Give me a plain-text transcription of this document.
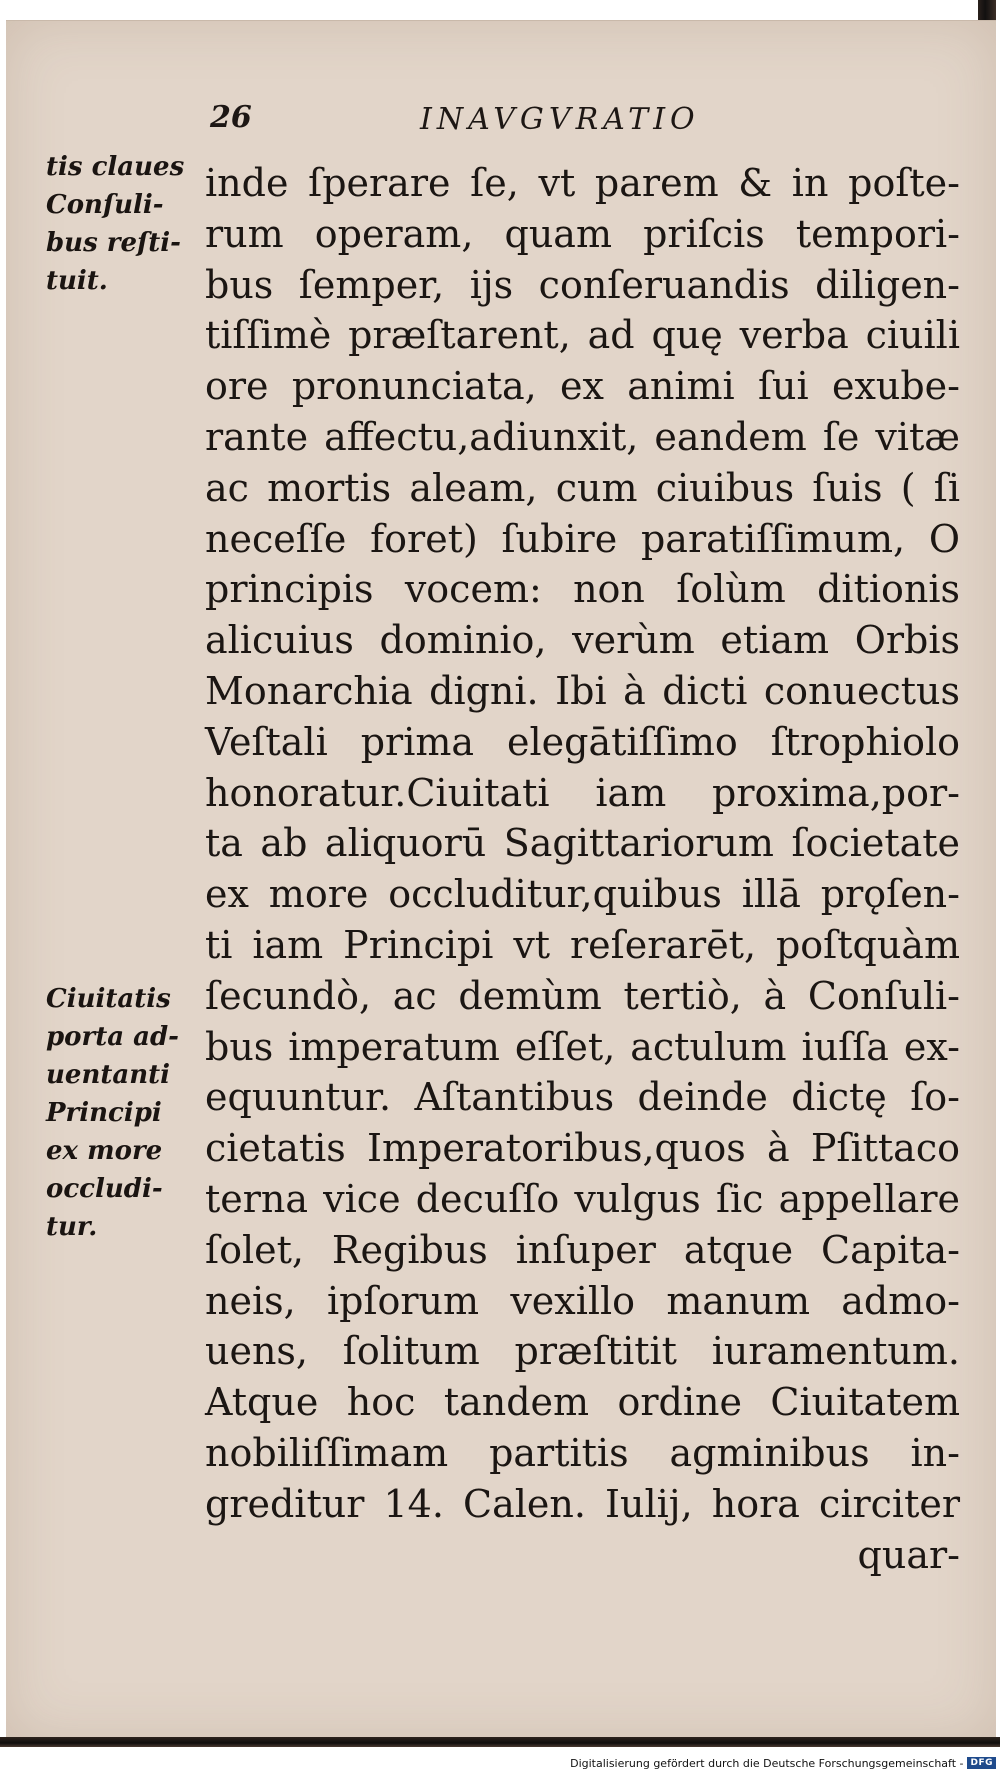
26	INAVGVRATIO
tis claues
Conſuli-
bus reſti-
tuit.
Ciuitatis
porta ad-
uentanti
Principi
ex more
occludi-
tur.
inde ſperare ſe, vt parem & in poſte-
rum operam, quam priſcis tempori-
bus ſemper, ijs conſeruandis diligen-
tiſſimè præſtarent, ad quę verba ciuili
ore pronunciata, ex animi ſui exube-
rante affectu,adiunxit, eandem ſe vitæ
ac mortis aleam, cum ciuibus ſuis ( ſi
neceſſe foret) ſubire paratiſſimum, O
principis vocem: non ſolùm ditionis
alicuius dominio, verùm etiam Orbis
Monarchia digni. Ibi à dicti conuectus
Veſtali prima elegātiſſimo ſtrophiolo
honoratur.Ciuitati iam proxima,por-
ta ab aliquorū Sagittariorum ſocietate
ex more occluditur,quibus illā prǫſen-
ti iam Principi vt reſerarēt, poſtquàm
ſecundò, ac demùm tertiò, à Conſuli-
bus imperatum eſſet, actulum iuſſa ex-
equuntur. Aſtantibus deinde dictę ſo-
cietatis Imperatoribus,quos à Pſittaco
terna vice decuſſo vulgus ſic appellare
ſolet, Regibus inſuper atque Capita-
neis, ipſorum vexillo manum admo-
uens, ſolitum præſtitit iuramentum.
Atque hoc tandem ordine Ciuitatem
nobiliſſimam partitis agminibus in-
greditur 14. Calen. Iulij, hora circiter
quar-
Digitalisierung gefördert durch die Deutsche Forschungsgemeinschaft - DFG
